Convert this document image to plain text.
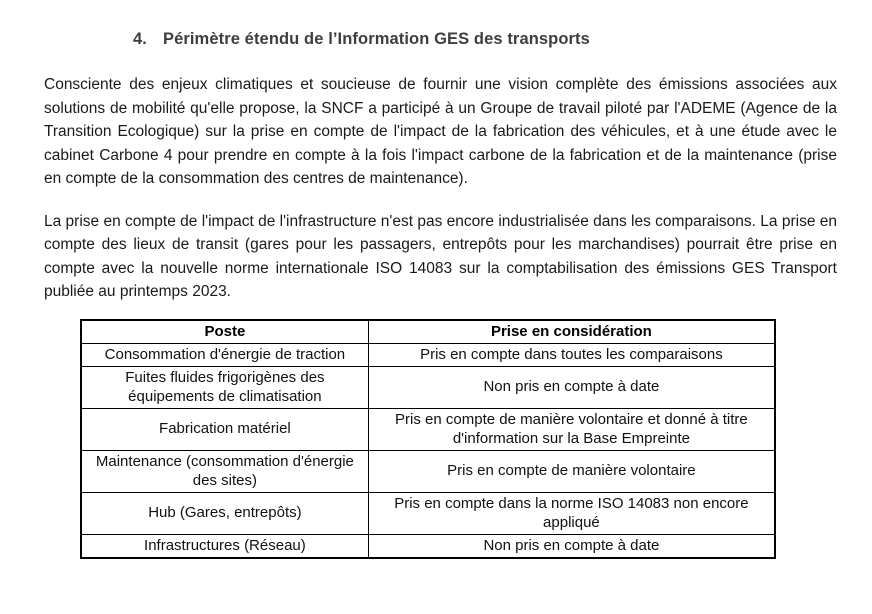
4. Périmètre étendu de l’Information GES des transports

Consciente des enjeux climatiques et soucieuse de fournir une vision complète des émissions associées aux solutions de mobilité qu'elle propose, la SNCF a participé à un Groupe de travail piloté par l'ADEME (Agence de la Transition Ecologique) sur la prise en compte de l'impact de la fabrication des véhicules, et à une étude avec le cabinet Carbone 4 pour prendre en compte à la fois l'impact carbone de la fabrication et de la maintenance (prise en compte de la consommation des centres de maintenance).

La prise en compte de l'impact de l'infrastructure n'est pas encore industrialisée dans les comparaisons. La prise en compte des lieux de transit (gares pour les passagers, entrepôts pour les marchandises) pourrait être prise en compte avec la nouvelle norme internationale ISO 14083 sur la comptabilisation des émissions GES Transport publiée au printemps 2023.

Poste	Prise en considération
Consommation d'énergie de traction	Pris en compte dans toutes les comparaisons
Fuites fluides frigorigènes des équipements de climatisation	Non pris en compte à date
Fabrication matériel	Pris en compte de manière volontaire et donné à titre d'information sur la Base Empreinte
Maintenance (consommation d'énergie des sites)	Pris en compte de manière volontaire
Hub (Gares, entrepôts)	Pris en compte dans la norme ISO 14083 non encore appliqué
Infrastructures (Réseau)	Non pris en compte à date
